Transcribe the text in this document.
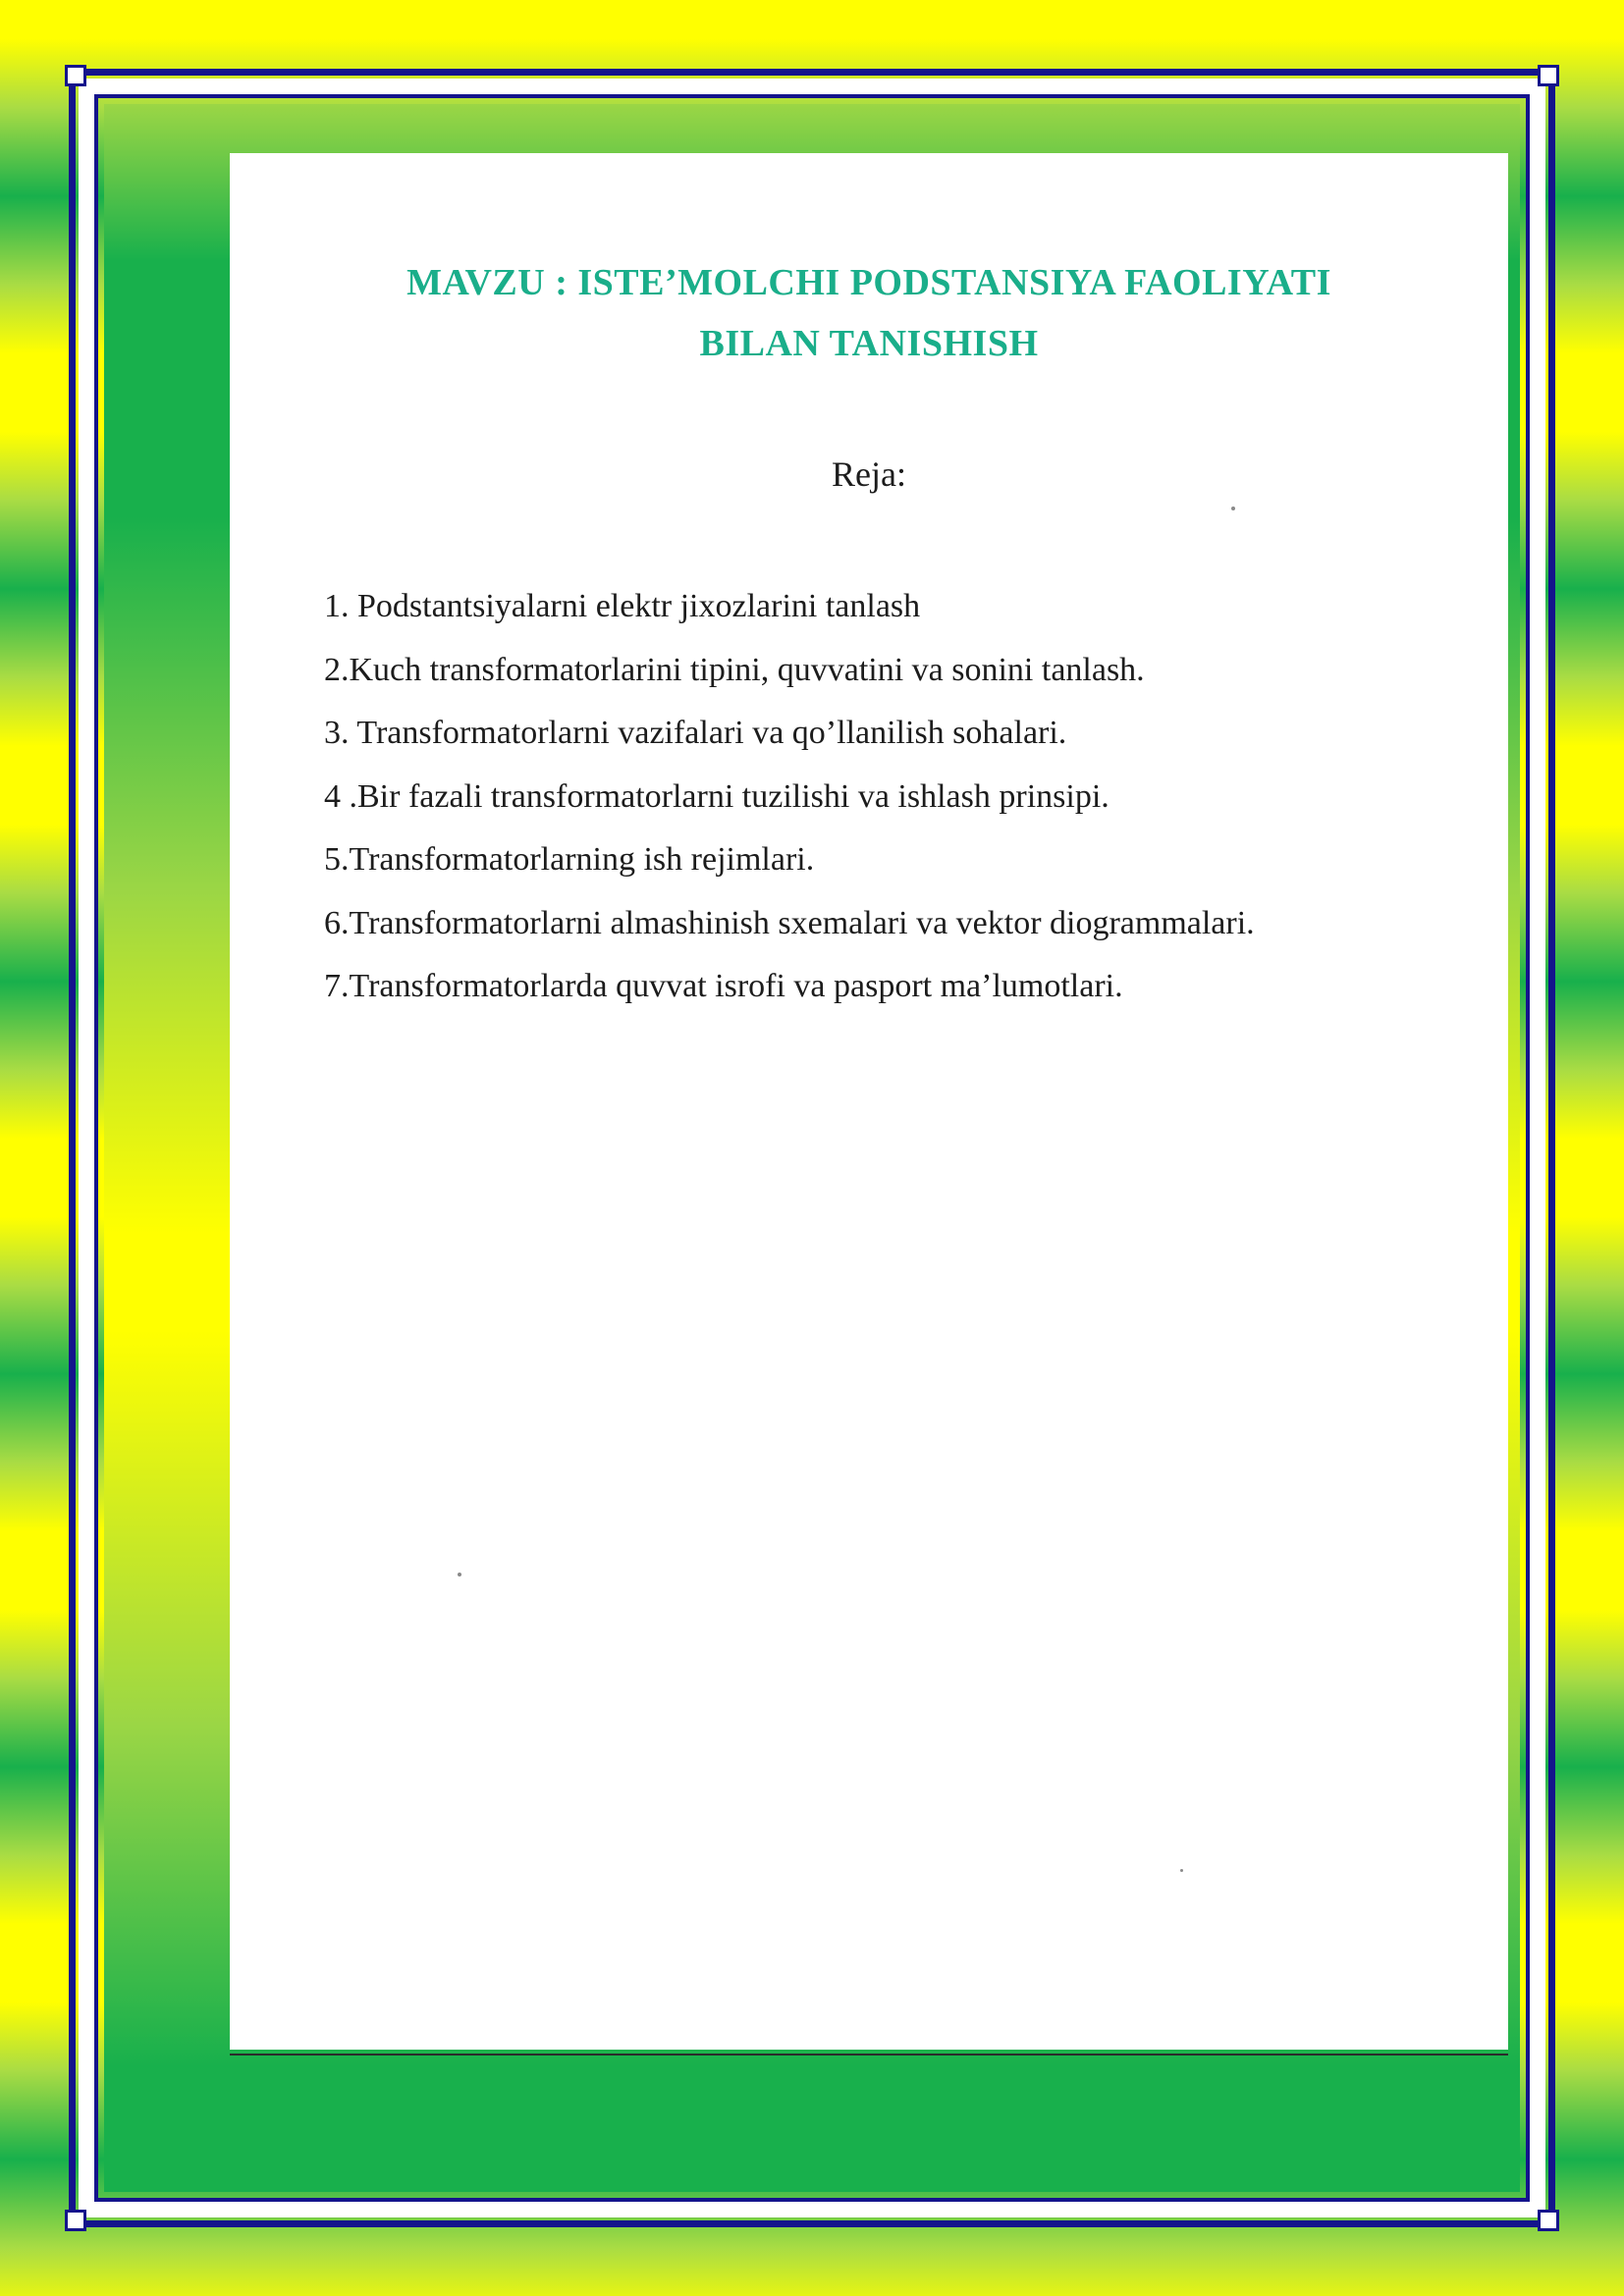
MAVZU : ISTE’MOLCHI PODSTANSIYA FAOLIYATI
BILAN TANISHISH

Reja:

1. Podstantsiyalarni elektr jixozlarini tanlash
2.Kuch transformatorlarini tipini, quvvatini va sonini tanlash.
3. Transformatorlarni vazifalari va qo’llanilish sohalari.
4 .Bir fazali transformatorlarni tuzilishi va ishlash prinsipi.
5.Transformatorlarning ish rejimlari.
6.Transformatorlarni almashinish sxemalari va vektor diogrammalari.
7.Transformatorlarda quvvat isrofi va pasport ma’lumotlari.
